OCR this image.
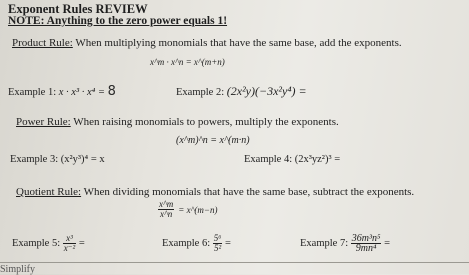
Exponent Rules REVIEW
NOTE: Anything to the zero power equals 1!
Product Rule: When multiplying monomials that have the same base, add the exponents.
x^m · x^n = x^(m+n)
Example 1: x · x³ · x⁴ = 8	Example 2: (2x²y)(−3x²y⁴) =
Power Rule: When raising monomials to powers, multiply the exponents.
(x^m)^n = x^(m·n)
Example 3: (x²y³)⁴ = x	Example 4: (2x³yz²)³ =
Quotient Rule: When dividing monomials that have the same base, subtract the exponents.
$\frac{x\^{}m}{x\^{}n}$ = x^(m−n)
Example 5: $\frac{\text{x³}}{\text{x⁻²}}$ =	Example 6: $\frac{\text{5⁶}}{\text{5²}}$ =	Example 7: $\frac{\text{36m³n⁵}}{\text{9mn⁴}}$ =
Simplify
